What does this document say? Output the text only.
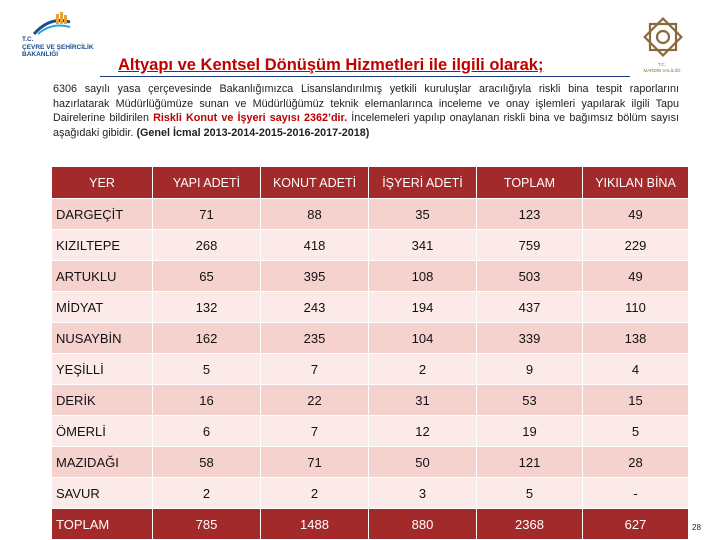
T.C.
ÇEVRE VE ŞEHİRCİLİK
BAKANLIĞI
T.C.
MARDİN VALİLİĞİ
Altyapı ve Kentsel Dönüşüm Hizmetleri ile ilgili olarak;
6306 sayılı yasa çerçevesinde Bakanlığımızca Lisanslandırılmış yetkili kuruluşlar aracılığıyla riskli bina tespit raporlarını hazırlatarak Müdürlüğümüze sunan ve Müdürlüğümüz teknik elemanlarınca inceleme ve onay işlemleri yapılarak ilgili Tapu Dairelerine bildirilen Riskli Konut ve İşyeri sayısı 2362’dir. İncelemeleri yapılıp onaylanan riskli bina ve bağımsız bölüm sayısı aşağıdaki gibidir. (Genel İcmal 2013-2014-2015-2016-2017-2018)
YER	YAPI ADETİ	KONUT ADETİ	İŞYERİ ADETİ	TOPLAM	YIKILAN BİNA
DARGEÇİT	71	88	35	123	49
KIZILTEPE	268	418	341	759	229
ARTUKLU	65	395	108	503	49
MİDYAT	132	243	194	437	110
NUSAYBİN	162	235	104	339	138
YEŞİLLİ	5	7	2	9	4
DERİK	16	22	31	53	15
ÖMERLİ	6	7	12	19	5
MAZIDAĞI	58	71	50	121	28
SAVUR	2	2	3	5	-
TOPLAM	785	1488	880	2368	627	28
